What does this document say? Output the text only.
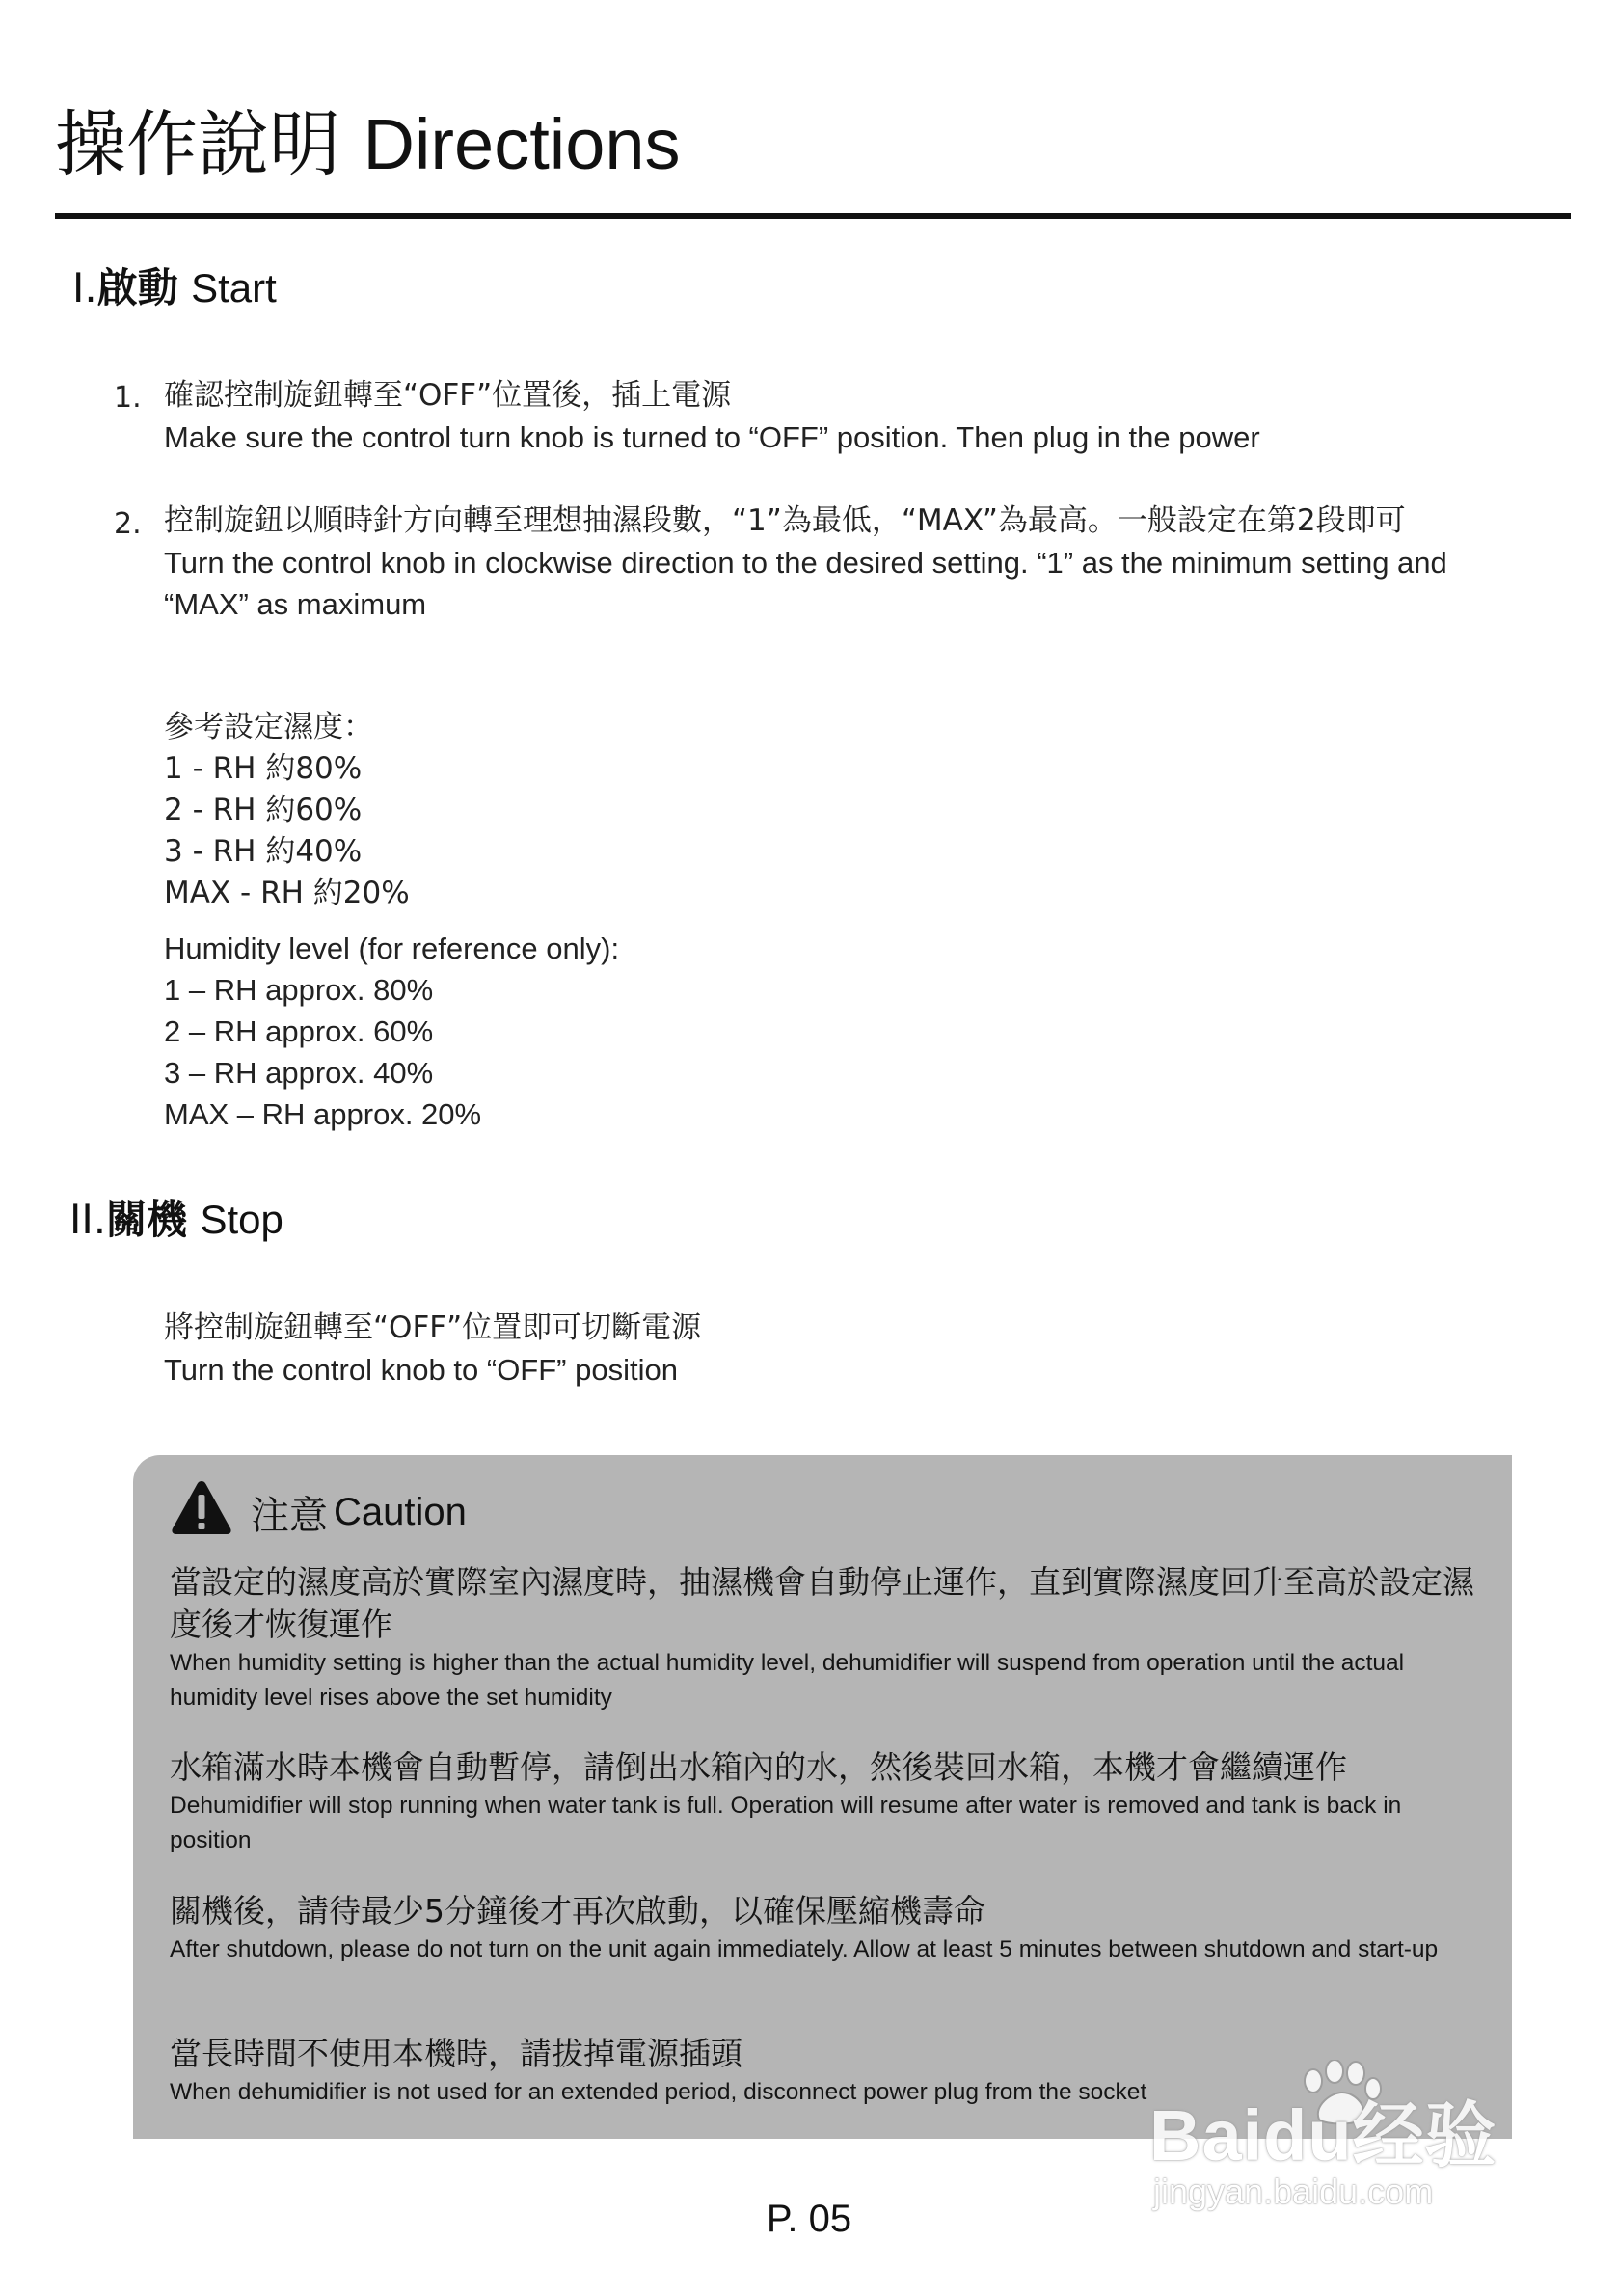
操作說明 Directions
I.啟動 Start
1. 確認控制旋鈕轉至“OFF”位置後，插上電源
Make sure the control turn knob is turned to “OFF” position. Then plug in the power
2. 控制旋鈕以順時針方向轉至理想抽濕段數，“1”為最低，“MAX”為最高。一般設定在第2段即可
Turn the control knob in clockwise direction to the desired setting. “1” as the minimum setting and “MAX” as maximum
參考設定濕度：
1 - RH 約80%
2 - RH 約60%
3 - RH 約40%
MAX - RH 約20%
Humidity level (for reference only):
1 – RH approx. 80%
2 – RH approx. 60%
3 – RH approx. 40%
MAX – RH approx. 20%
II.關機 Stop
將控制旋鈕轉至“OFF”位置即可切斷電源
Turn the control knob to “OFF” position
注意 Caution
當設定的濕度高於實際室內濕度時，抽濕機會自動停止運作，直到實際濕度回升至高於設定濕度後才恢復運作
When humidity setting is higher than the actual humidity level, dehumidifier will suspend from operation until the actual humidity level rises above the set humidity
水箱滿水時本機會自動暫停，請倒出水箱內的水，然後裝回水箱，本機才會繼續運作
Dehumidifier will stop running when water tank is full. Operation will resume after water is removed and tank is back in position
關機後，請待最少5分鐘後才再次啟動，以確保壓縮機壽命
After shutdown, please do not turn on the unit again immediately. Allow at least 5 minutes between shutdown and start-up
當長時間不使用本機時，請拔掉電源插頭
When dehumidifier is not used for an extended period, disconnect power plug from the socket
P. 05
Baidu经验
jingyan.baidu.com
